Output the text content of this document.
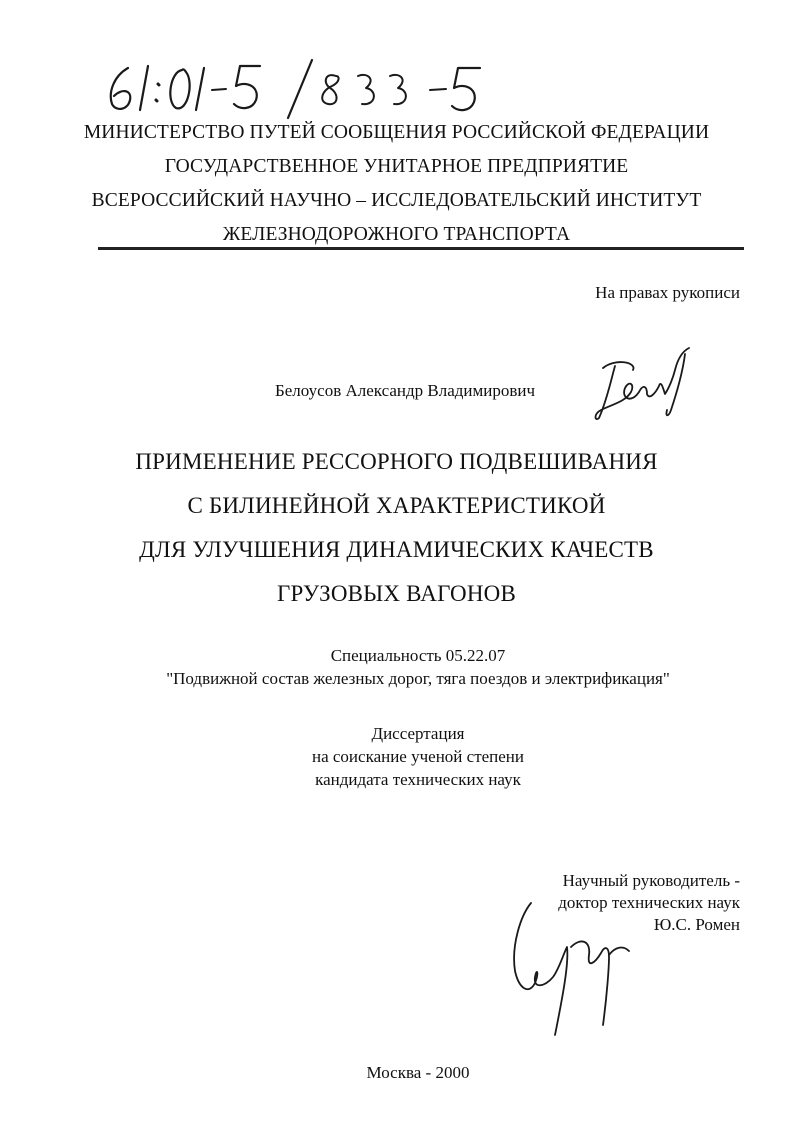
МИНИСТЕРСТВО ПУТЕЙ СООБЩЕНИЯ РОССИЙСКОЙ ФЕДЕРАЦИИ
ГОСУДАРСТВЕННОЕ УНИТАРНОЕ ПРЕДПРИЯТИЕ
ВСЕРОССИЙСКИЙ НАУЧНО – ИССЛЕДОВАТЕЛЬСКИЙ ИНСТИТУТ
ЖЕЛЕЗНОДОРОЖНОГО ТРАНСПОРТА
На правах рукописи
Белоусов Александр Владимирович
ПРИМЕНЕНИЕ РЕССОРНОГО ПОДВЕШИВАНИЯ
С БИЛИНЕЙНОЙ ХАРАКТЕРИСТИКОЙ
ДЛЯ УЛУЧШЕНИЯ ДИНАМИЧЕСКИХ КАЧЕСТВ
ГРУЗОВЫХ ВАГОНОВ
Специальность 05.22.07
"Подвижной состав железных дорог, тяга поездов и электрификация"
Диссертация
на соискание ученой степени
кандидата технических наук
Научный руководитель -
доктор технических наук
Ю.С. Ромен
Москва - 2000
